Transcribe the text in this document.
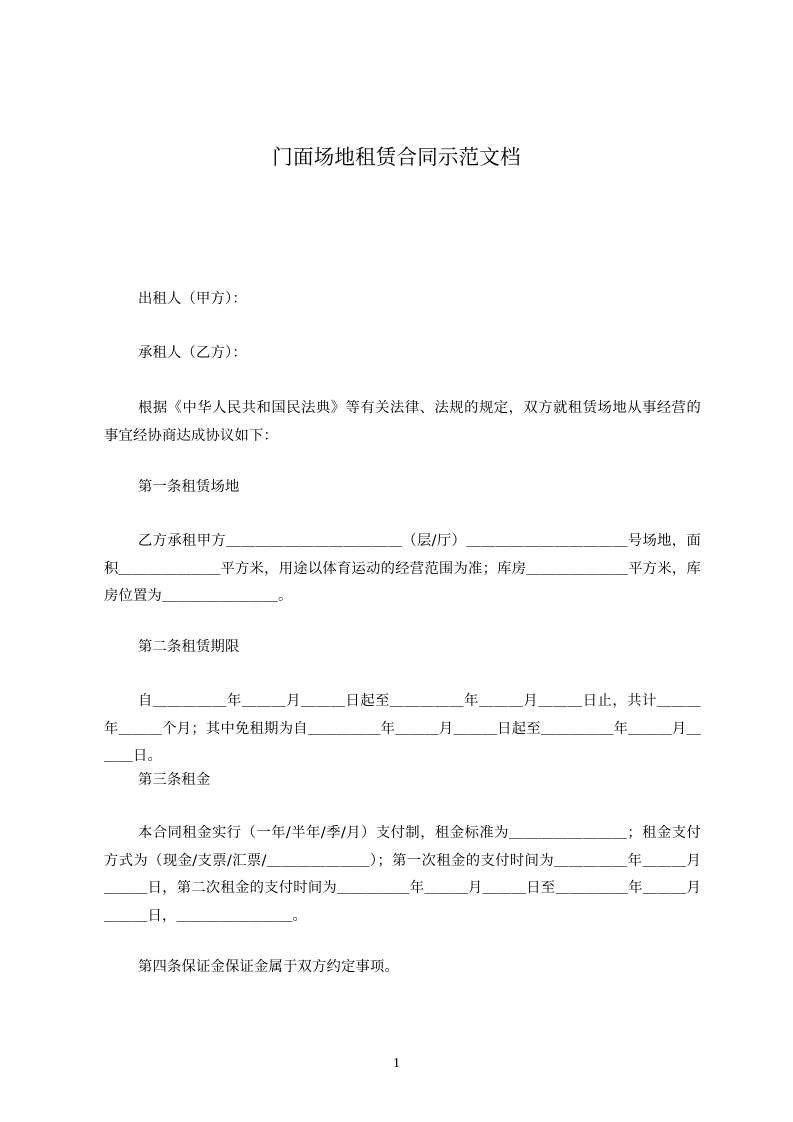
门面场地租赁合同示范文档

出租人（甲方）：

承租人（乙方）：

根据《中华人民共和国民法典》等有关法律、法规的规定，双方就租赁场地从事经营的事宜经协商达成协议如下：

第一条租赁场地

乙方承租甲方＿＿＿＿＿＿＿＿＿＿＿＿（层/厅）＿＿＿＿＿＿＿＿＿＿＿号场地，面积＿＿＿＿＿＿＿平方米，用途以体育运动的经营范围为准；库房＿＿＿＿＿＿＿平方米，库房位置为＿＿＿＿＿＿＿＿。

第二条租赁期限

自＿＿＿＿＿年＿＿＿月＿＿＿日起至＿＿＿＿＿年＿＿＿月＿＿＿日止，共计＿＿＿年＿＿＿个月；其中免租期为自＿＿＿＿＿年＿＿＿月＿＿＿日起至＿＿＿＿＿年＿＿＿月＿＿＿日。

第三条租金

本合同租金实行（一年/半年/季/月）支付制，租金标准为＿＿＿＿＿＿＿＿；租金支付方式为（现金/支票/汇票/＿＿＿＿＿＿＿）；第一次租金的支付时间为＿＿＿＿＿年＿＿＿月＿＿＿日，第二次租金的支付时间为＿＿＿＿＿年＿＿＿月＿＿＿日至＿＿＿＿＿年＿＿＿月＿＿＿日，＿＿＿＿＿＿＿＿。

第四条保证金保证金属于双方约定事项。

1
